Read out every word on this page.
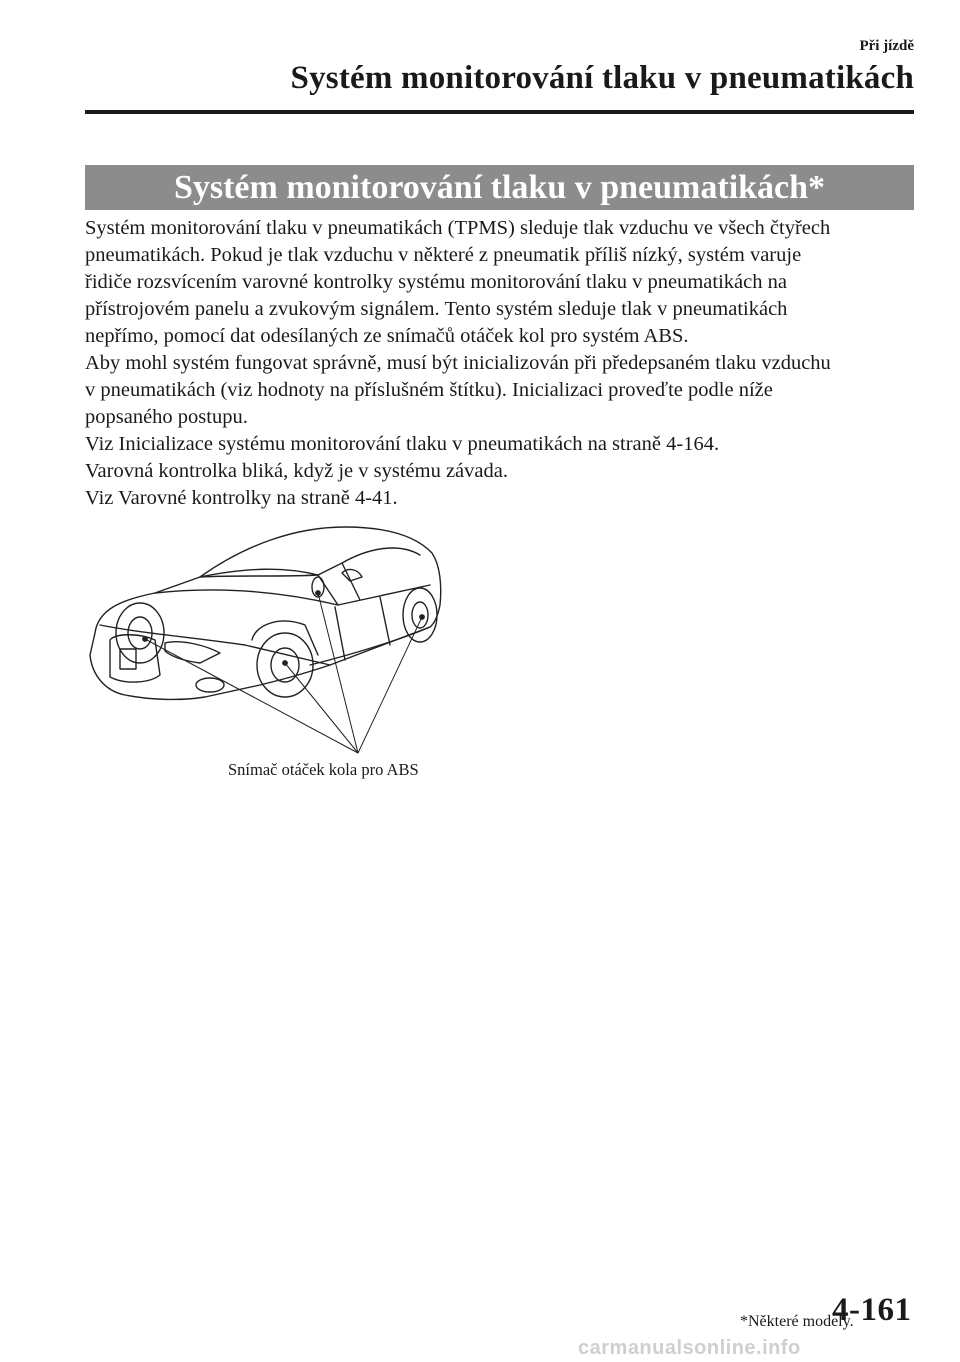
Při jízdě
Systém monitorování tlaku v pneumatikách
Systém monitorování tlaku v pneumatikách*

Systém monitorování tlaku v pneumatikách (TPMS) sleduje tlak vzduchu ve všech čtyřech

pneumatikách. Pokud je tlak vzduchu v některé z pneumatik příliš nízký, systém varuje

řidiče rozsvícením varovné kontrolky systému monitorování tlaku v pneumatikách na

přístrojovém panelu a zvukovým signálem. Tento systém sleduje tlak v pneumatikách

nepřímo, pomocí dat odesílaných ze snímačů otáček kol pro systém ABS.

Aby mohl systém fungovat správně, musí být inicializován při předepsaném tlaku vzduchu

v pneumatikách (viz hodnoty na příslušném štítku). Inicializaci proveďte podle níže

popsaného postupu.

Viz Inicializace systému monitorování tlaku v pneumatikách na straně 4-164.

Varovná kontrolka bliká, když je v systému závada.

Viz Varovné kontrolky na straně 4-41.

Snímač otáček kola pro ABS
*Některé modely.
4-161
carmanualsonline.info
